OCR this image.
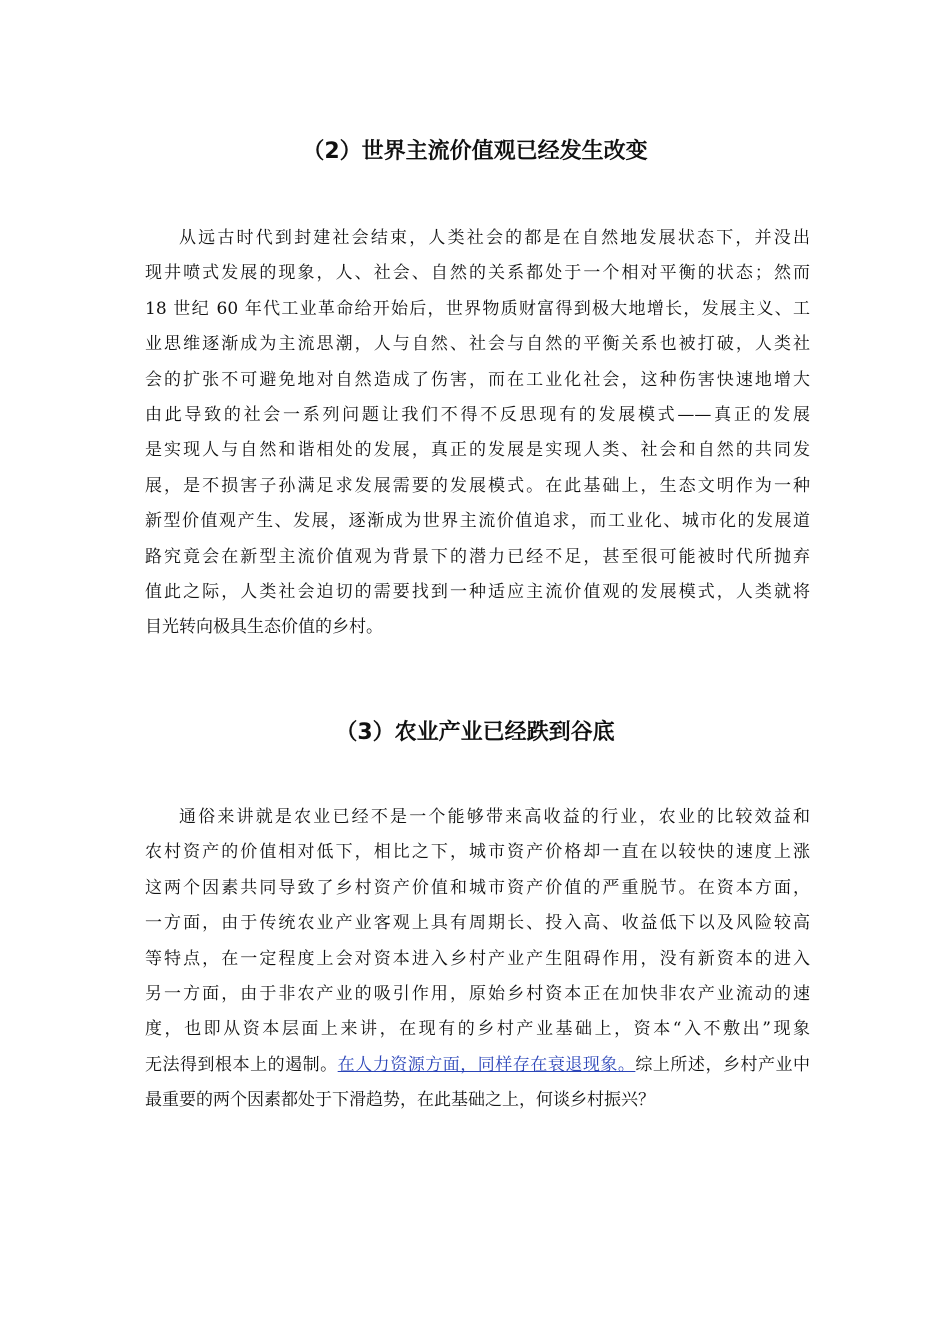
（2）世界主流价值观已经发生改变
从远古时代到封建社会结束，人类社会的都是在自然地发展状态下，并没出
现井喷式发展的现象，人、社会、自然的关系都处于一个相对平衡的状态；然而
18 世纪 60 年代工业革命给开始后，世界物质财富得到极大地增长，发展主义、工
业思维逐渐成为主流思潮，人与自然、社会与自然的平衡关系也被打破，人类社
会的扩张不可避免地对自然造成了伤害，而在工业化社会，这种伤害快速地增大
由此导致的社会一系列问题让我们不得不反思现有的发展模式——真正的发展
是实现人与自然和谐相处的发展，真正的发展是实现人类、社会和自然的共同发
展，是不损害子孙满足求发展需要的发展模式。在此基础上，生态文明作为一种
新型价值观产生、发展，逐渐成为世界主流价值追求，而工业化、城市化的发展道
路究竟会在新型主流价值观为背景下的潜力已经不足，甚至很可能被时代所抛弃
值此之际，人类社会迫切的需要找到一种适应主流价值观的发展模式，人类就将
目光转向极具生态价值的乡村。
（3）农业产业已经跌到谷底
通俗来讲就是农业已经不是一个能够带来高收益的行业，农业的比较效益和
农村资产的价值相对低下，相比之下，城市资产价格却一直在以较快的速度上涨
这两个因素共同导致了乡村资产价值和城市资产价值的严重脱节。在资本方面，
一方面，由于传统农业产业客观上具有周期长、投入高、收益低下以及风险较高
等特点，在一定程度上会对资本进入乡村产业产生阻碍作用，没有新资本的进入
另一方面，由于非农产业的吸引作用，原始乡村资本正在加快非农产业流动的速
度，也即从资本层面上来讲，在现有的乡村产业基础上，资本“入不敷出”现象
无法得到根本上的遏制。在人力资源方面，同样存在衰退现象。综上所述，乡村产业中
最重要的两个因素都处于下滑趋势，在此基础之上，何谈乡村振兴？
